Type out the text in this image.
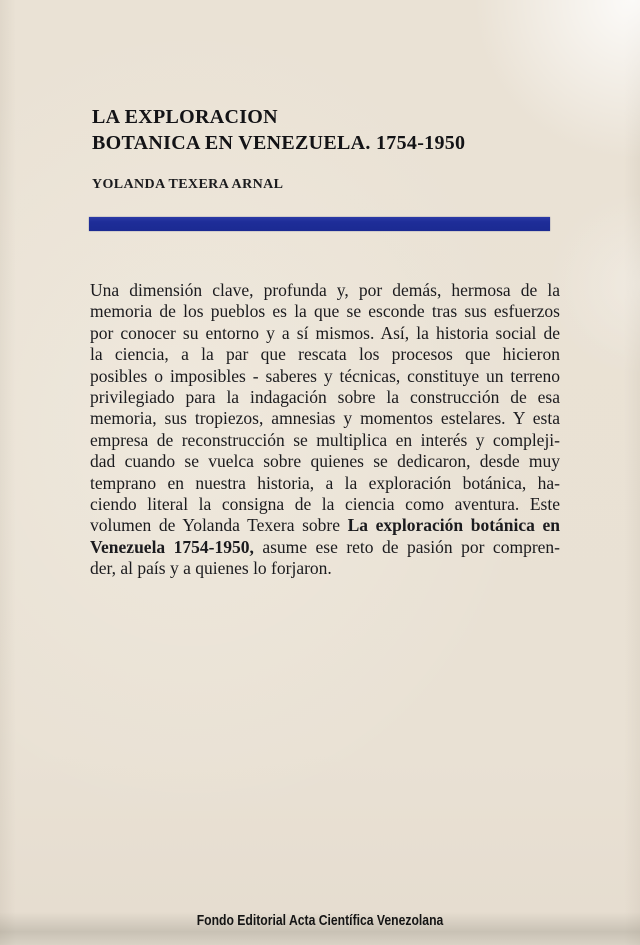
LA EXPLORACION
BOTANICA EN VENEZUELA. 1754-1950
YOLANDA TEXERA ARNAL
Una dimensión clave, profunda y, por demás, hermosa de la
memoria de los pueblos es la que se esconde tras sus esfuerzos
por conocer su entorno y a sí mismos. Así, la historia social de
la ciencia, a la par que rescata los procesos que hicieron
posibles o imposibles - saberes y técnicas, constituye un terreno
privilegiado para la indagación sobre la construcción de esa
memoria, sus tropiezos, amnesias y momentos estelares. Y esta
empresa de reconstrucción se multiplica en interés y compleji-
dad cuando se vuelca sobre quienes se dedicaron, desde muy
temprano en nuestra historia, a la exploración botánica, ha-
ciendo literal la consigna de la ciencia como aventura. Este
volumen de Yolanda Texera sobre La exploración botánica en
Venezuela 1754-1950, asume ese reto de pasión por compren-
der, al país y a quienes lo forjaron.
Fondo Editorial Acta Científica Venezolana
